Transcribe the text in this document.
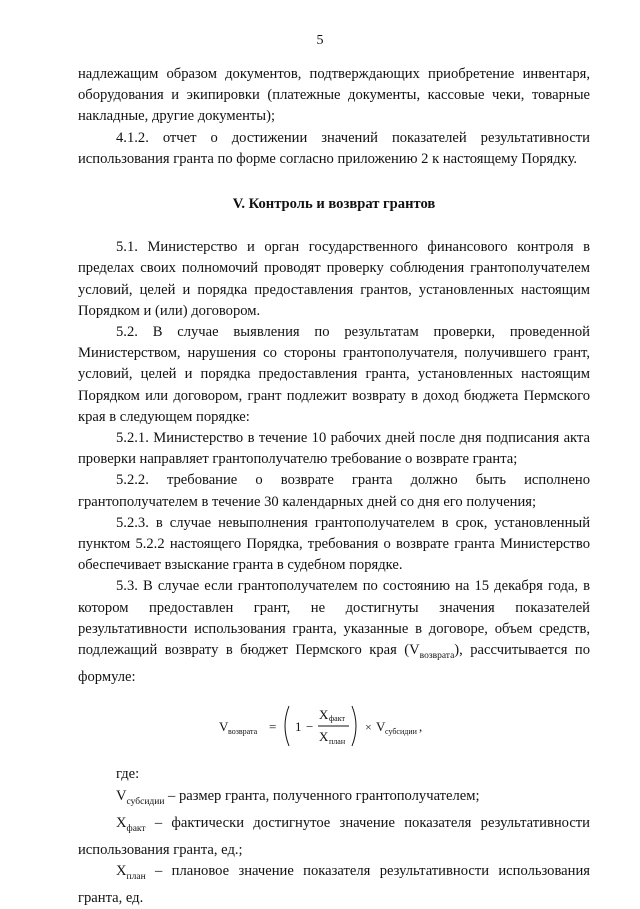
5

надлежащим образом документов, подтверждающих приобретение инвентаря, оборудования и экипировки (платежные документы, кассовые чеки, товарные накладные, другие документы);

4.1.2. отчет о достижении значений показателей результативности использования гранта по форме согласно приложению 2 к настоящему Порядку.

V. Контроль и возврат грантов

5.1. Министерство и орган государственного финансового контроля в пределах своих полномочий проводят проверку соблюдения грантополучателем условий, целей и порядка предоставления грантов, установленных настоящим Порядком и (или) договором.

5.2. В случае выявления по результатам проверки, проведенной Министерством, нарушения со стороны грантополучателя, получившего грант, условий, целей и порядка предоставления гранта, установленных настоящим Порядком или договором, грант подлежит возврату в доход бюджета Пермского края в следующем порядке:

5.2.1. Министерство в течение 10 рабочих дней после дня подписания акта проверки направляет грантополучателю требование о возврате гранта;

5.2.2. требование о возврате гранта должно быть исполнено грантополучателем в течение 30 календарных дней со дня его получения;

5.2.3. в случае невыполнения грантополучателем в срок, установленный пунктом 5.2.2 настоящего Порядка, требования о возврате гранта Министерство обеспечивает взыскание гранта в судебном порядке.

5.3. В случае если грантополучателем по состоянию на 15 декабря года, в котором предоставлен грант, не достигнуты значения показателей результативности использования гранта, указанные в договоре, объем средств, подлежащий возврату в бюджет Пермского края $(V_{возврата})$, рассчитывается по формуле:

V возврата = 1 −
X факт
X план
× V субсидии ,

где:

$V_{субсидии}$ – размер гранта, полученного грантополучателем;

$X_{факт}$ – фактически достигнутое значение показателя результативности использования гранта, ед.;

$X_{план}$ – плановое значение показателя результативности использования гранта, ед.
